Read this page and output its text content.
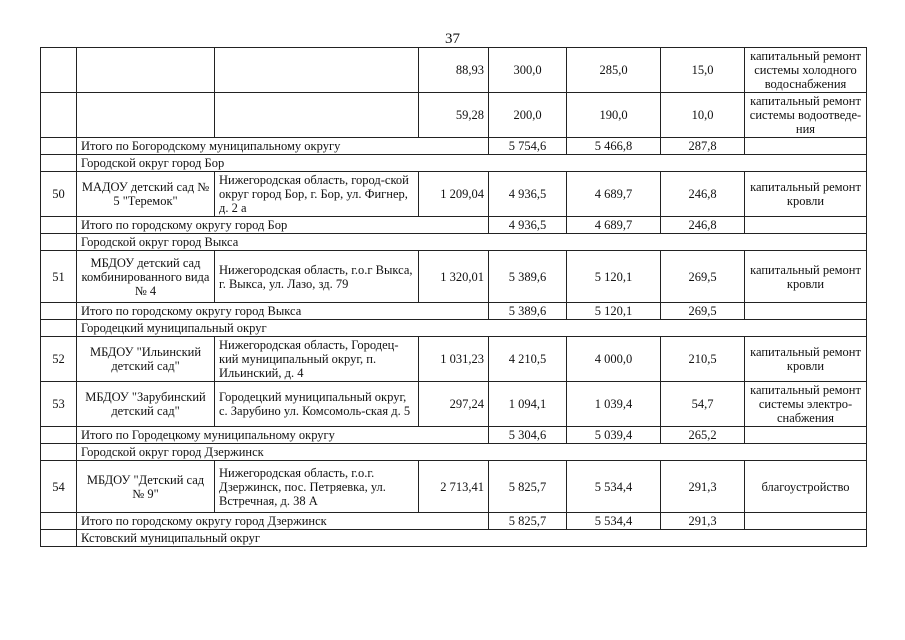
37
			88,93	300,0	285,0	15,0	капитальный ремонт системы холодного водоснабжения
			59,28	200,0	190,0	10,0	капитальный ремонт системы водоотведе-ния
	Итого по Богородскому муниципальному округу			5 754,6	5 466,8	287,8	
	Городской округ город Бор						
50	МАДОУ детский сад № 5 "Теремок"	Нижегородская область, город-ской округ город Бор, г. Бор, ул. Фигнер, д. 2 а	1 209,04	4 936,5	4 689,7	246,8	капитальный ремонт кровли
	Итого по городскому округу город Бор			4 936,5	4 689,7	246,8	
	Городской округ город Выкса						
51	МБДОУ детский сад комбинированного вида № 4	Нижегородская область, г.о.г Выкса, г. Выкса, ул. Лазо, зд. 79	1 320,01	5 389,6	5 120,1	269,5	капитальный ремонт кровли
	Итого по городскому округу город Выкса			5 389,6	5 120,1	269,5	
	Городецкий муниципальный округ						
52	МБДОУ "Ильинский детский сад"	Нижегородская область, Городец-кий муниципальный округ, п. Ильинский, д. 4	1 031,23	4 210,5	4 000,0	210,5	капитальный ремонт кровли
53	МБДОУ "Зарубинский детский сад"	Городецкий муниципальный округ, с. Зарубино ул. Комсомоль-ская д. 5	297,24	1 094,1	1 039,4	54,7	капитальный ремонт системы электро-снабжения
	Итого по Городецкому муниципальному округу			5 304,6	5 039,4	265,2	
	Городской округ город Дзержинск						
54	МБДОУ "Детский сад № 9"	Нижегородская область, г.о.г. Дзержинск, пос. Петряевка, ул. Встречная, д. 38 А	2 713,41	5 825,7	5 534,4	291,3	благоустройство
	Итого по городскому округу город Дзержинск			5 825,7	5 534,4	291,3	
	Кстовский муниципальный округ						
